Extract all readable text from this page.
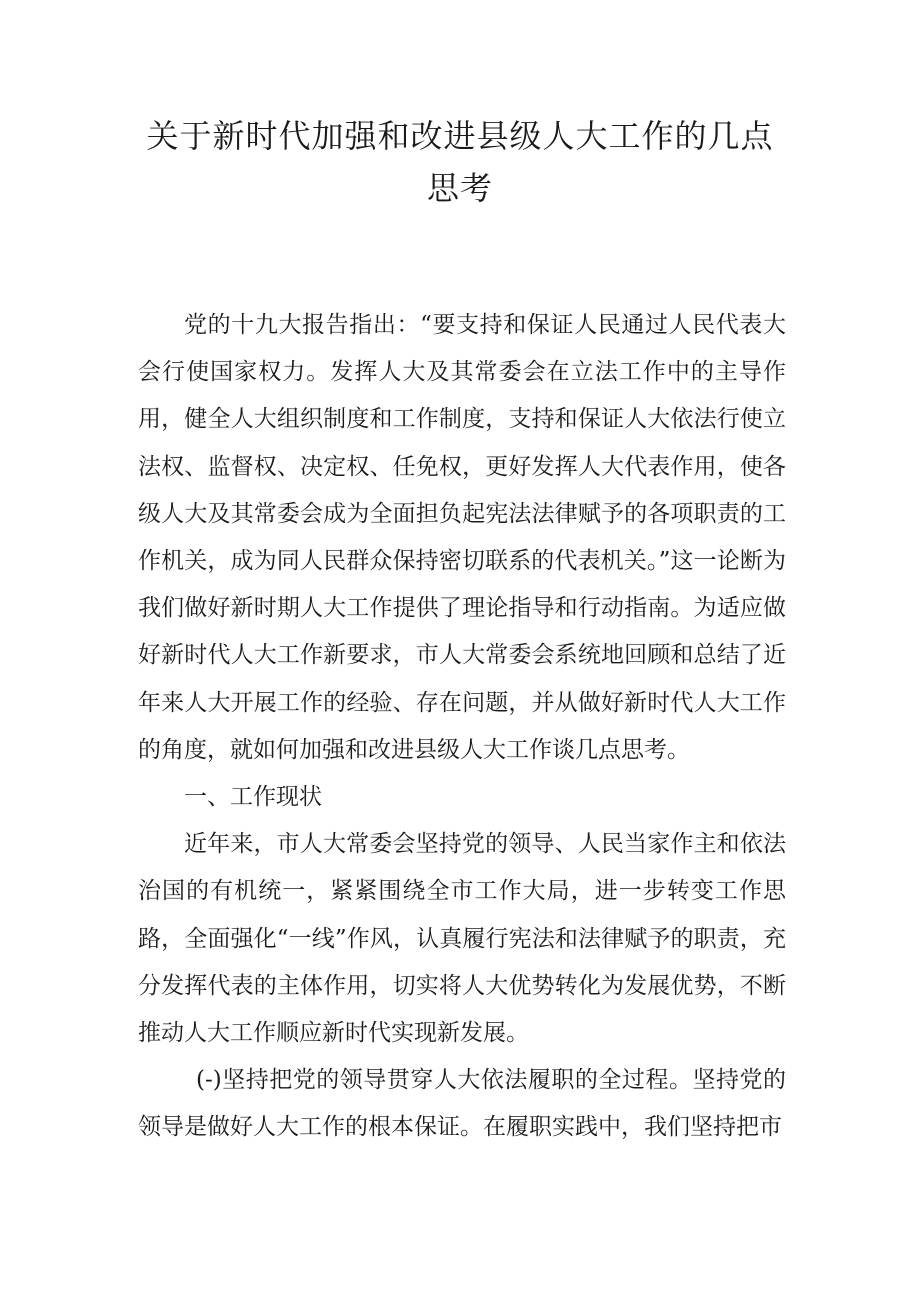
关于新时代加强和改进县级人大工作的几点思考

党的十九大报告指出：“要支持和保证人民通过人民代表大会行使国家权力。发挥人大及其常委会在立法工作中的主导作用，健全人大组织制度和工作制度，支持和保证人大依法行使立法权、监督权、决定权、任免权，更好发挥人大代表作用，使各级人大及其常委会成为全面担负起宪法法律赋予的各项职责的工作机关，成为同人民群众保持密切联系的代表机关。”这一论断为我们做好新时期人大工作提供了理论指导和行动指南。为适应做好新时代人大工作新要求，市人大常委会系统地回顾和总结了近年来人大开展工作的经验、存在问题，并从做好新时代人大工作的角度，就如何加强和改进县级人大工作谈几点思考。

一、工作现状

近年来，市人大常委会坚持党的领导、人民当家作主和依法治国的有机统一，紧紧围绕全市工作大局，进一步转变工作思路，全面强化“一线”作风，认真履行宪法和法律赋予的职责，充分发挥代表的主体作用，切实将人大优势转化为发展优势，不断推动人大工作顺应新时代实现新发展。

(-)坚持把党的领导贯穿人大依法履职的全过程。坚持党的领导是做好人大工作的根本保证。在履职实践中，我们坚持把市
